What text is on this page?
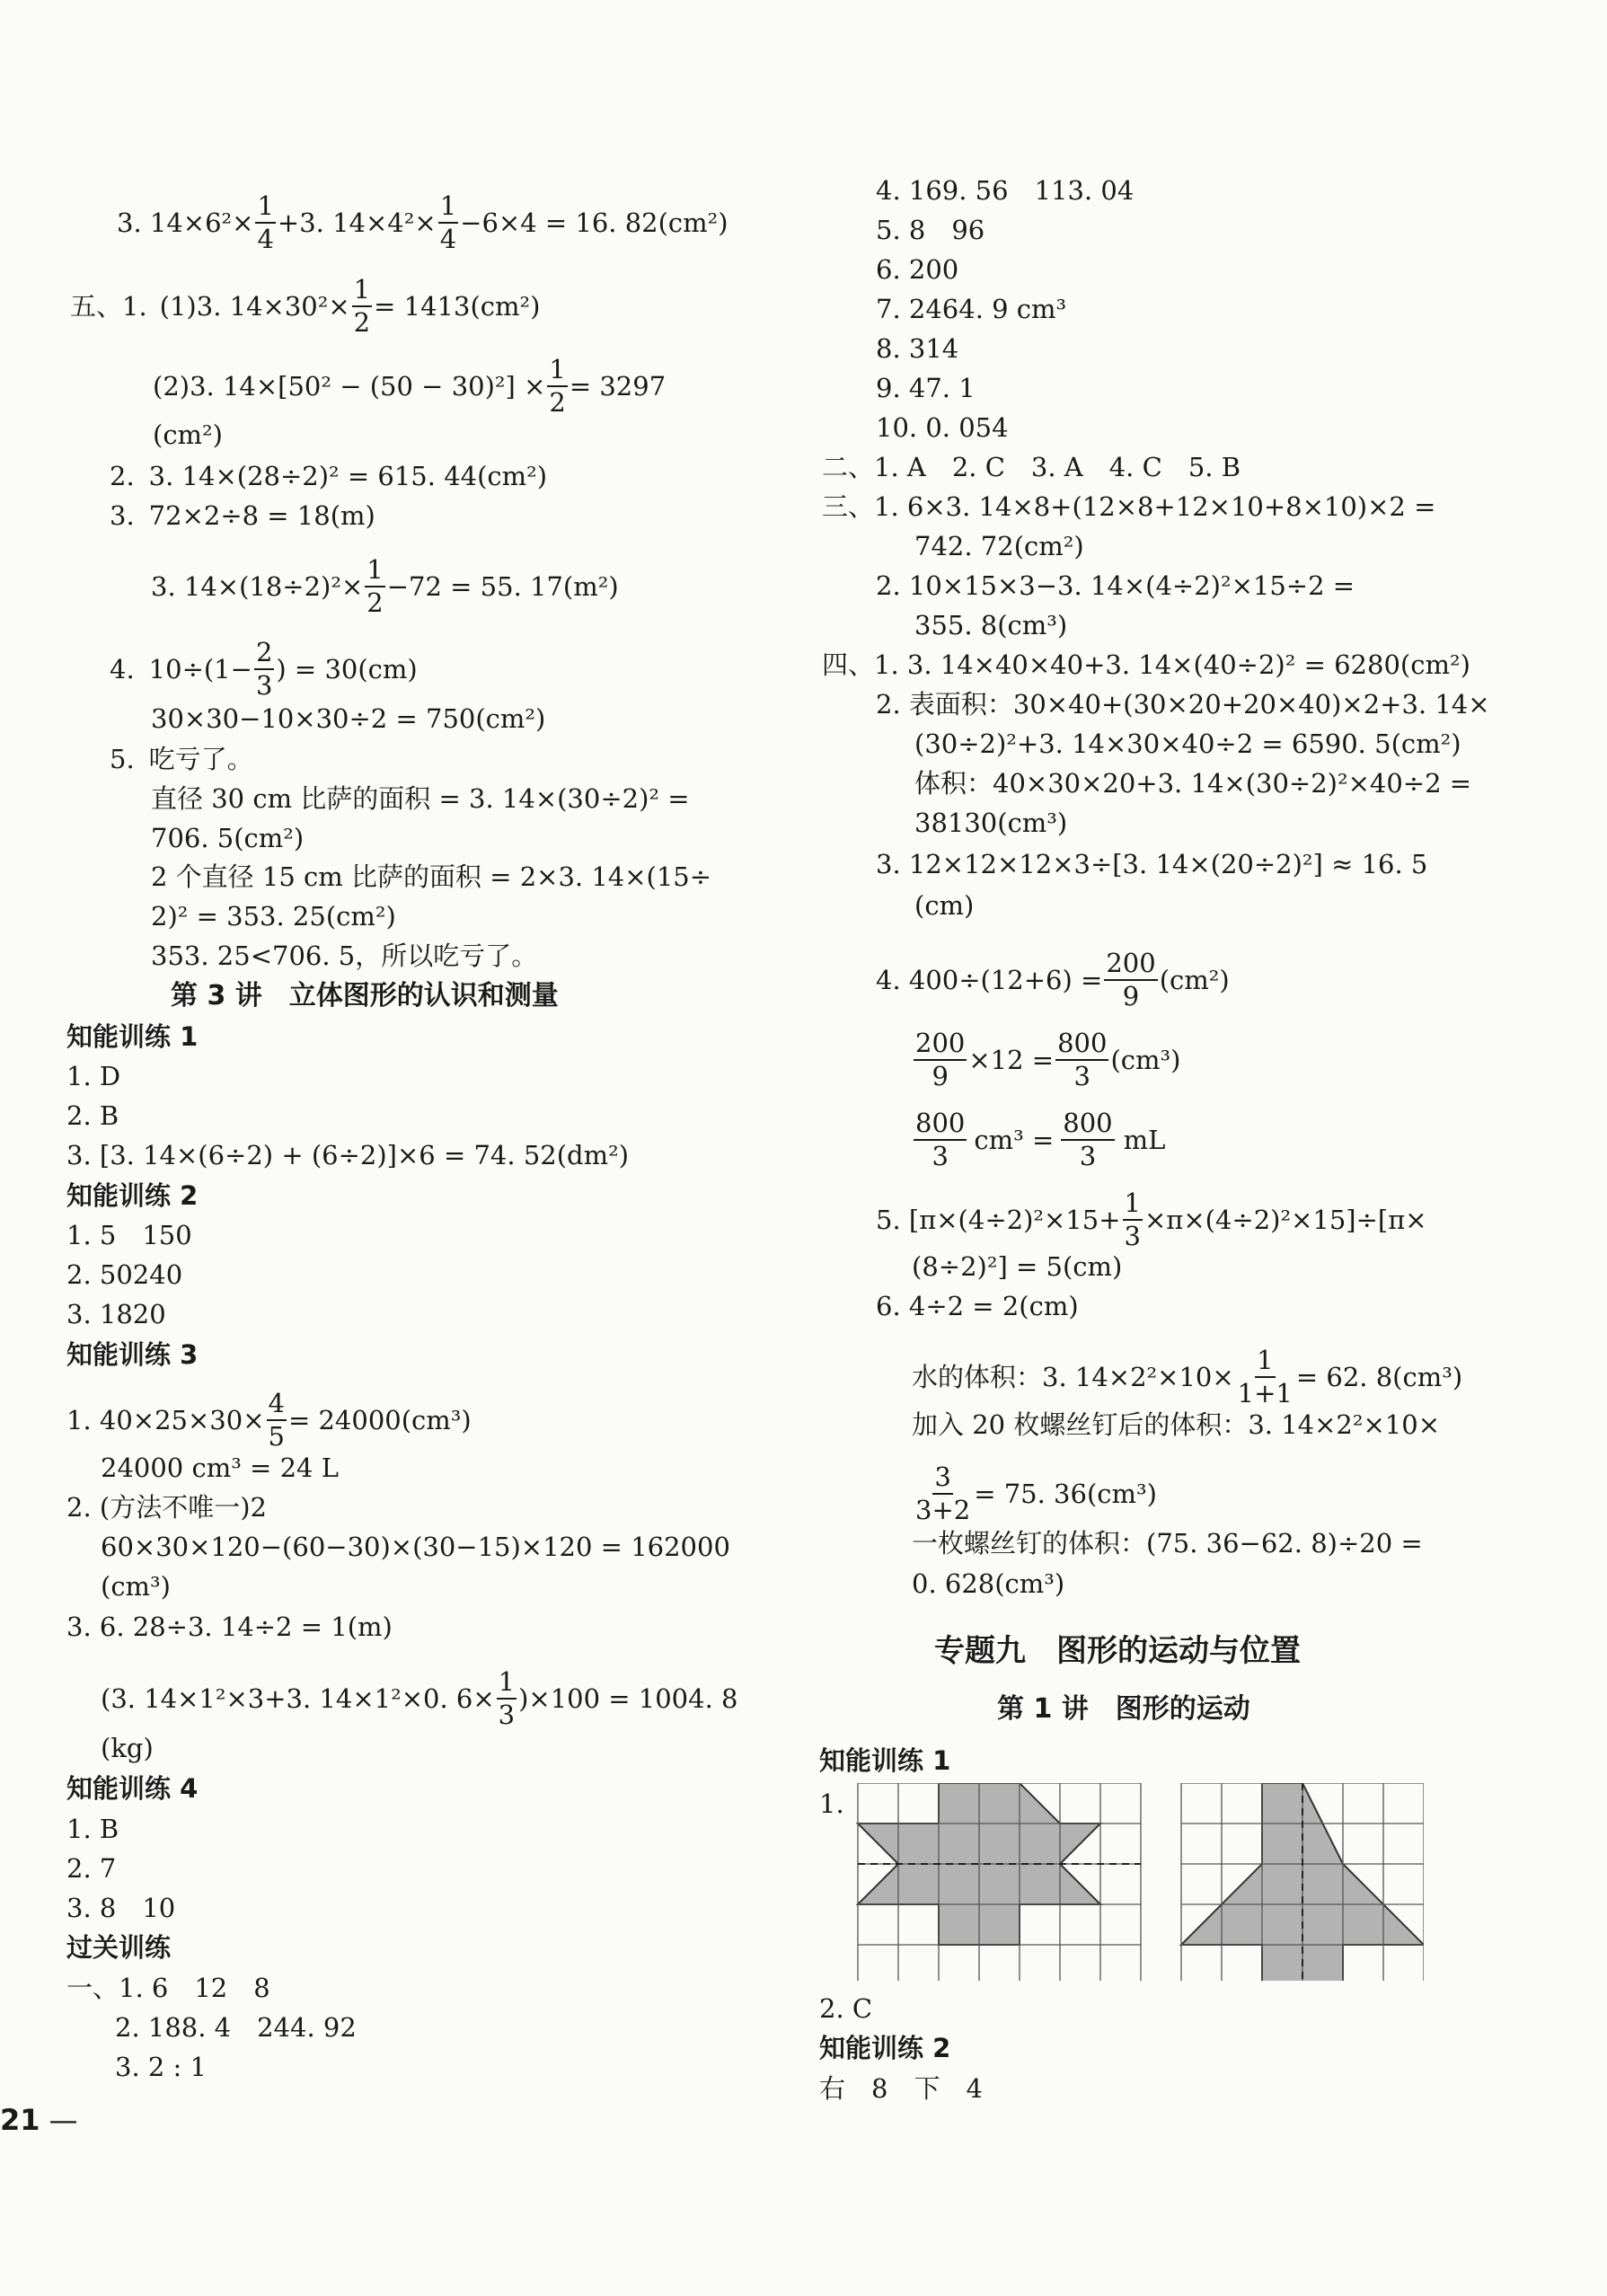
3. $14\times 6^2\times \frac{1}{4} +3$. $14\times 4^2\times \frac{1}{4} -6\times 4 = 16$. 82(cm²)
五、1. (1)3. $14\times 30^2\times \frac{1}{2} = 1413(cm^2)$
(2)3. $14\times[50^2 - (50 - 30)^2] \times \frac{1}{2} = 3297$
(cm²)
2. 3. 14×(28÷2)² = 615. 44(cm²)
3. 72×2÷8 = 18(m)
3. $14\times(18\div 2)^2\times \frac{1}{2} -72 = 55$. 17(m²)
4. $10\div(1- \frac{2}{3}$ ) = 30(cm)
30×30−10×30÷2 = 750(cm²)
5. 吃亏了。
直径 30 cm 比萨的面积 = 3. 14×(30÷2)² =
706. 5(cm²)
2 个直径 15 cm 比萨的面积 = 2×3. 14×(15÷
2)² = 353. 25(cm²)
353. 25<706. 5，所以吃亏了。
第 3 讲　立体图形的认识和测量
知能训练 1
1. D
2. B
3. [3. 14×(6÷2) + (6÷2)]×6 = 74. 52(dm²)
知能训练 2
1. 5　150
2. 50240
3. 1820
知能训练 3
1. $40\times 25\times 30\times \frac{4}{5} = 24000(cm^3)$
24000 cm³ = 24 L
2. (方法不唯一)2
60×30×120−(60−30)×(30−15)×120 = 162000
(cm³)
3. 6. 28÷3. 14÷2 = 1(m)
(3. 14×1²×3+3. 14×1²×0. $6\times \frac{1}{3} )\times 100 = 1004$. 8
(kg)
知能训练 4
1. B
2. 7
3. 8　10
过关训练
一、1. 6　12　8
2. 188. 4　244. 92
3. 2 : 1
21 —
4. 169. 56　113. 04
5. 8　96
6. 200
7. 2464. 9 cm³
8. 314
9. 47. 1
10. 0. 054
二、1. A　2. C　3. A　4. C　5. B
三、1. 6×3. 14×8+(12×8+12×10+8×10)×2 =
742. 72(cm²)
2. 10×15×3−3. 14×(4÷2)²×15÷2 =
355. 8(cm³)
四、1. 3. 14×40×40+3. 14×(40÷2)² = 6280(cm²)
2. 表面积：30×40+(30×20+20×40)×2+3. 14×
(30÷2)²+3. 14×30×40÷2 = 6590. 5(cm²)
体积：40×30×20+3. 14×(30÷2)²×40÷2 =
38130(cm³)
3. 12×12×12×3÷[3. 14×(20÷2)²] ≈ 16. 5
(cm)
4. $400\div(12+6) = \frac{200}{9} (cm^2)$
$\frac{200}{9} \times 12 = \frac{800}{3} (cm^3)$
$\frac{800}{3} cm^3 = \frac{800}{3}$ mL
5. $[\pi\times(4\div 2)^2\times 15+ \frac{1}{3} \times\pi\times(4\div 2)^2\times 15]\div[\pi\times$
(8÷2)²] = 5(cm)
6. 4÷2 = 2(cm)
水的体积：3. $14\times 2^2\times 10\times \frac{1}{1+1} = 62$. 8(cm³)
加入 20 枚螺丝钉后的体积：3. 14×2²×10×
$\frac{3}{3+2} = 75$. 36(cm³)
一枚螺丝钉的体积：(75. 36−62. 8)÷20 =
0. 628(cm³)
专题九　图形的运动与位置
第 1 讲　图形的运动
知能训练 1
1.
2. C
知能训练 2
右　8　下　4
